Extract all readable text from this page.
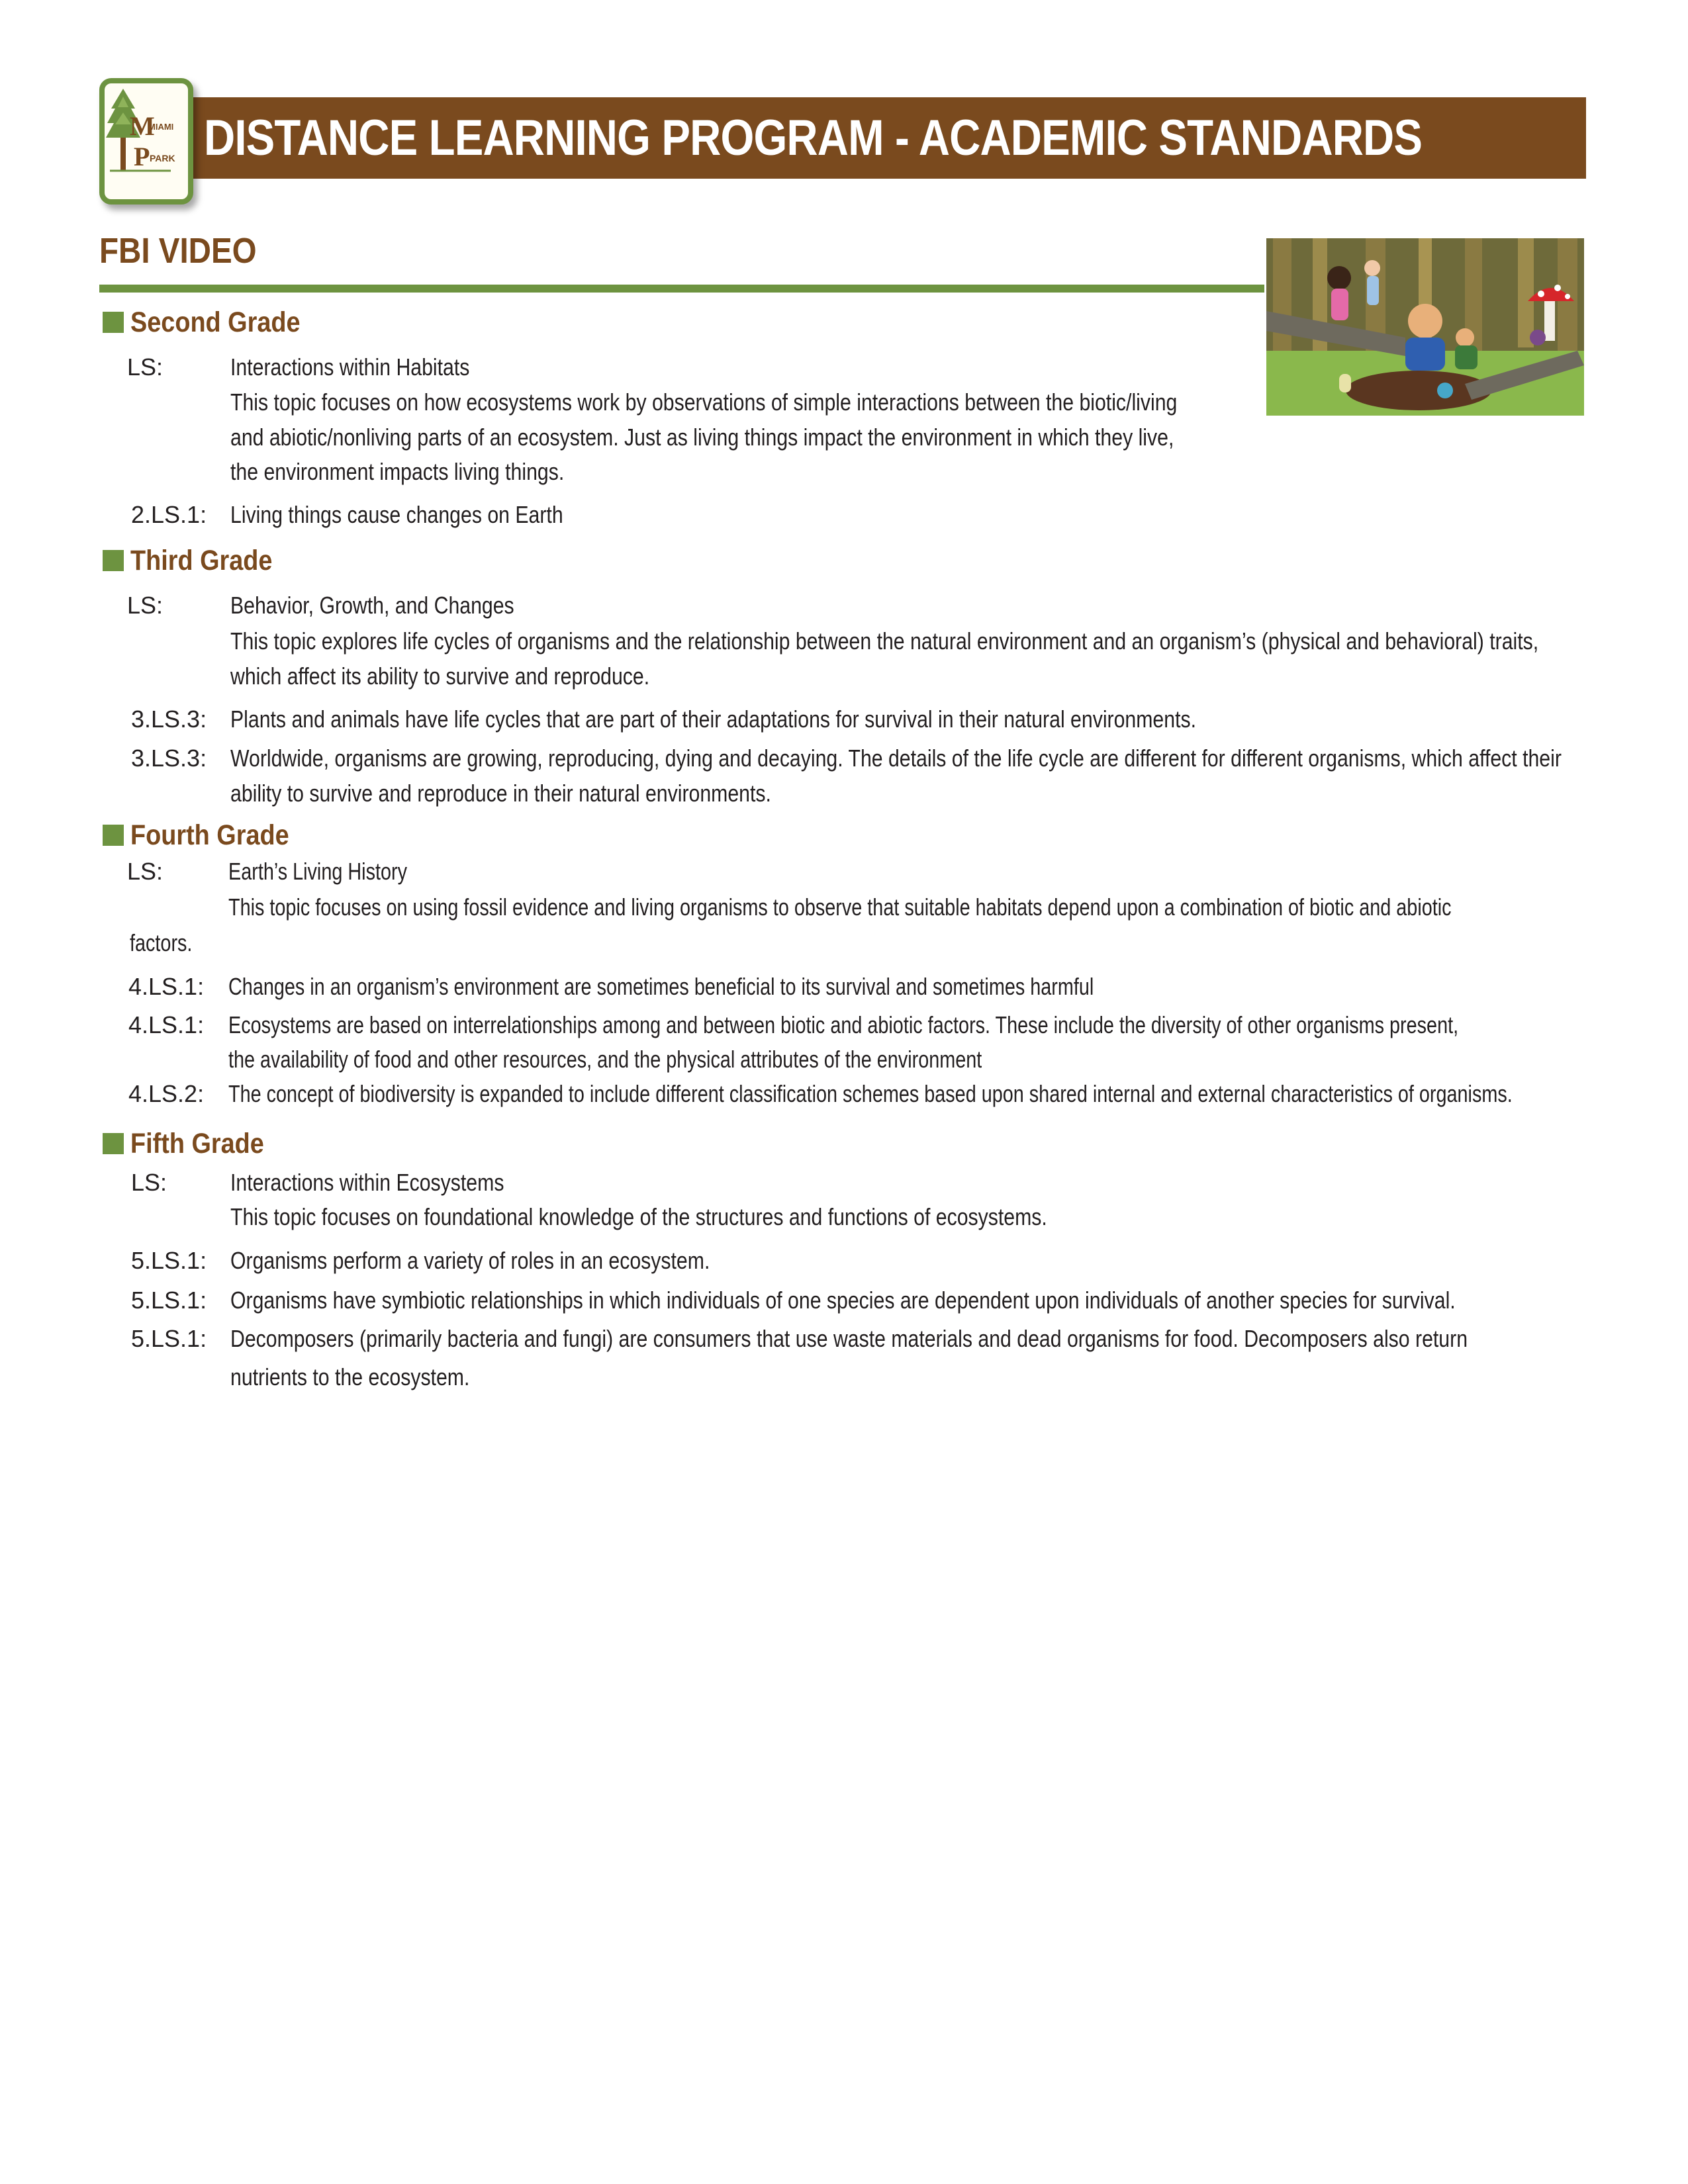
DISTANCE LEARNING PROGRAM - ACADEMIC STANDARDS
M
MIAMI
P PARK
FBI VIDEO
Second Grade
LS:	Interactions within Habitats
This topic focuses on how ecosystems work by observations of simple interactions between the biotic/living
and abiotic/nonliving parts of an ecosystem. Just as living things impact the environment in which they live,
the environment impacts living things.
2.LS.1: Living things cause changes on Earth
Third Grade
LS:	Behavior, Growth, and Changes
This topic explores life cycles of organisms and the relationship between the natural environment and an organism’s (physical and behavioral) traits,
which affect its ability to survive and reproduce.
3.LS.3: Plants and animals have life cycles that are part of their adaptations for survival in their natural environments.
3.LS.3: Worldwide, organisms are growing, reproducing, dying and decaying. The details of the life cycle are different for different organisms, which affect their
ability to survive and reproduce in their natural environments.
Fourth Grade
LS:	Earth’s Living History
This topic focuses on using fossil evidence and living organisms to observe that suitable habitats depend upon a combination of biotic and abiotic
factors.
4.LS.1: Changes in an organism’s environment are sometimes beneficial to its survival and sometimes harmful
4.LS.1: Ecosystems are based on interrelationships among and between biotic and abiotic factors. These include the diversity of other organisms present,
the availability of food and other resources, and the physical attributes of the environment
4.LS.2: The concept of biodiversity is expanded to include different classification schemes based upon shared internal and external characteristics of organisms.
Fifth Grade
LS:	Interactions within Ecosystems
This topic focuses on foundational knowledge of the structures and functions of ecosystems.
5.LS.1: Organisms perform a variety of roles in an ecosystem.
5.LS.1: Organisms have symbiotic relationships in which individuals of one species are dependent upon individuals of another species for survival.
5.LS.1: Decomposers (primarily bacteria and fungi) are consumers that use waste materials and dead organisms for food. Decomposers also return
nutrients to the ecosystem.
